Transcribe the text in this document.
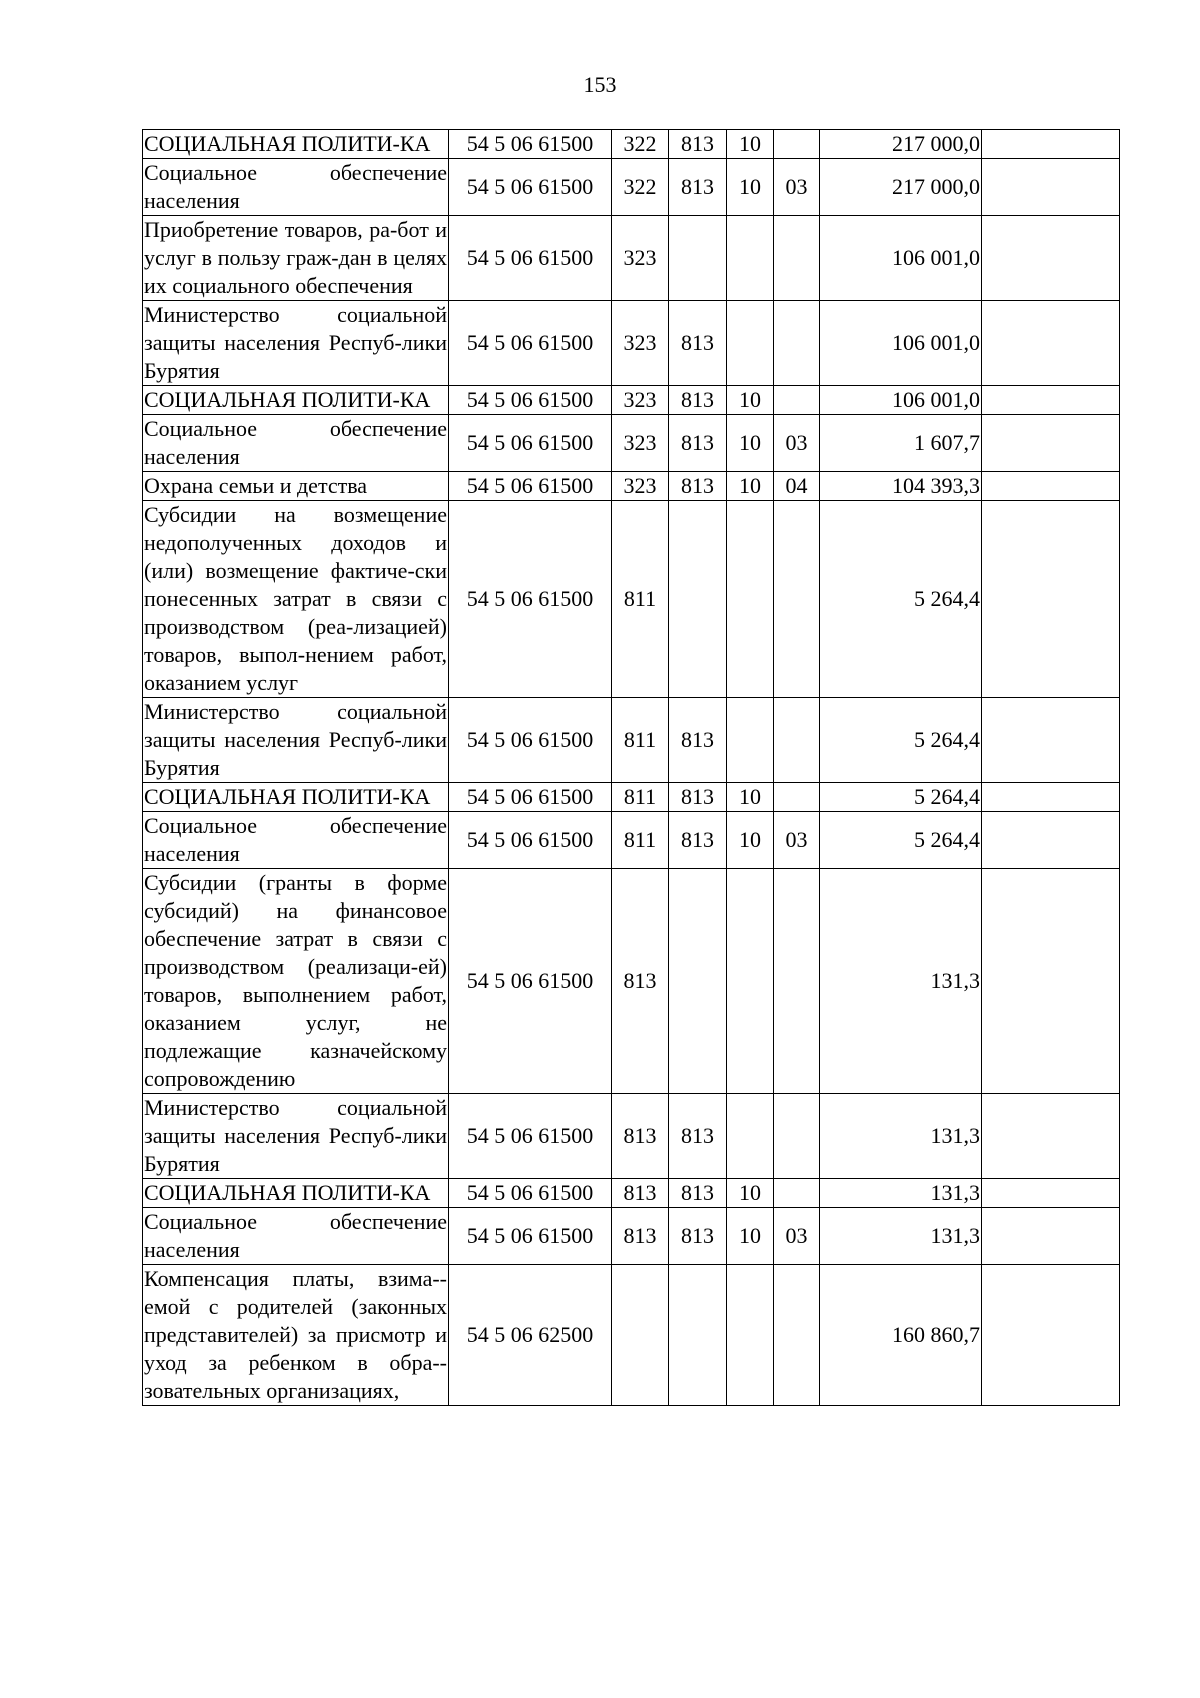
153
СОЦИАЛЬНАЯ ПОЛИТИ-КА	54 5 06 61500	322	813	10		217 000,0	
Социальное обеспечение населения	54 5 06 61500	322	813	10	03	217 000,0	
Приобретение товаров, ра-бот и услуг в пользу граж-дан в целях их социального обеспечения	54 5 06 61500	323				106 001,0	
Министерство социальной защиты населения Респуб-лики Бурятия	54 5 06 61500	323	813			106 001,0	
СОЦИАЛЬНАЯ ПОЛИТИ-КА	54 5 06 61500	323	813	10		106 001,0	
Социальное обеспечение населения	54 5 06 61500	323	813	10	03	1 607,7	
Охрана семьи и детства	54 5 06 61500	323	813	10	04	104 393,3	
Субсидии на возмещение недополученных доходов и (или) возмещение фактиче-ски понесенных затрат в связи с производством (реа-лизацией) товаров, выпол-нением работ, оказанием услуг	54 5 06 61500	811				5 264,4	
Министерство социальной защиты населения Респуб-лики Бурятия	54 5 06 61500	811	813			5 264,4	
СОЦИАЛЬНАЯ ПОЛИТИ-КА	54 5 06 61500	811	813	10		5 264,4	
Социальное обеспечение населения	54 5 06 61500	811	813	10	03	5 264,4	
Субсидии (гранты в форме субсидий) на финансовое обеспечение затрат в связи с производством (реализаци-ей) товаров, выполнением работ, оказанием услуг, не подлежащие казначейскому сопровождению	54 5 06 61500	813				131,3	
Министерство социальной защиты населения Респуб-лики Бурятия	54 5 06 61500	813	813			131,3	
СОЦИАЛЬНАЯ ПОЛИТИ-КА	54 5 06 61500	813	813	10		131,3	
Социальное обеспечение населения	54 5 06 61500	813	813	10	03	131,3	
Компенсация платы, взима-емой с родителей (законных представителей) за присмотр и уход за ребенком в обра-зовательных организациях,	54 5 06 62500					160 860,7	
